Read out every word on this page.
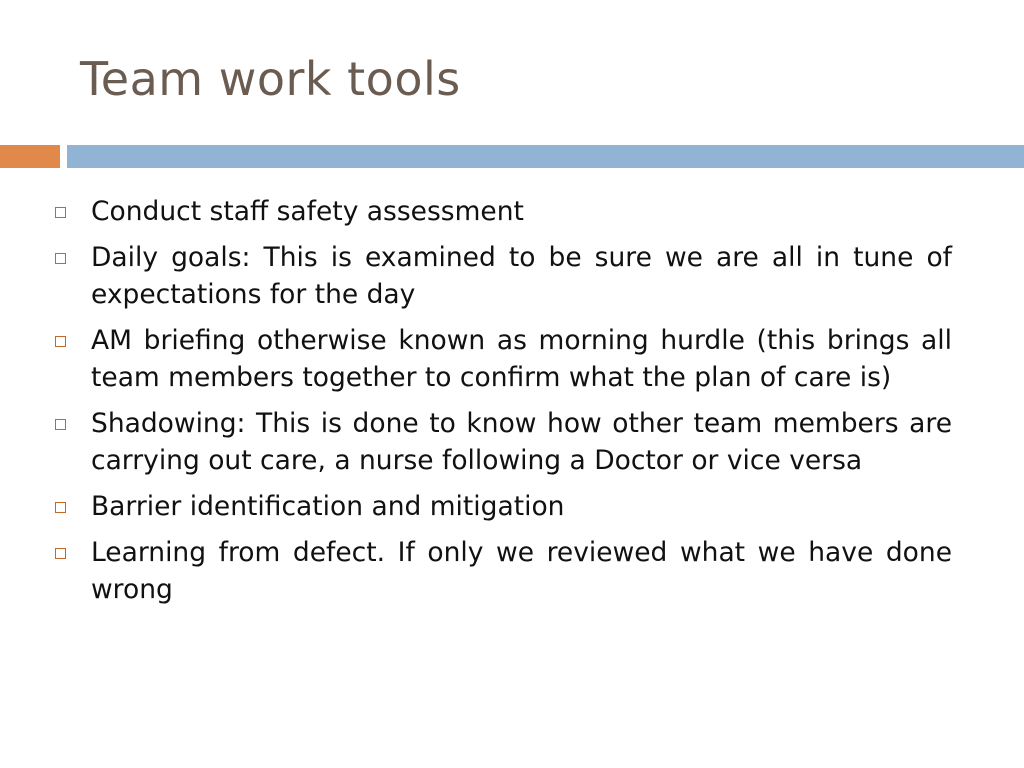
Team work tools
Conduct staff safety assessment
Daily goals: This is examined to be sure we are all in tune of expectations for the day
AM briefing otherwise known as morning hurdle (this brings all team members together to confirm what the plan of care is)
Shadowing: This is done to know how other team members are carrying out care, a nurse following a Doctor or vice versa
Barrier identification and mitigation
Learning from defect. If only we reviewed what we have done wrong
